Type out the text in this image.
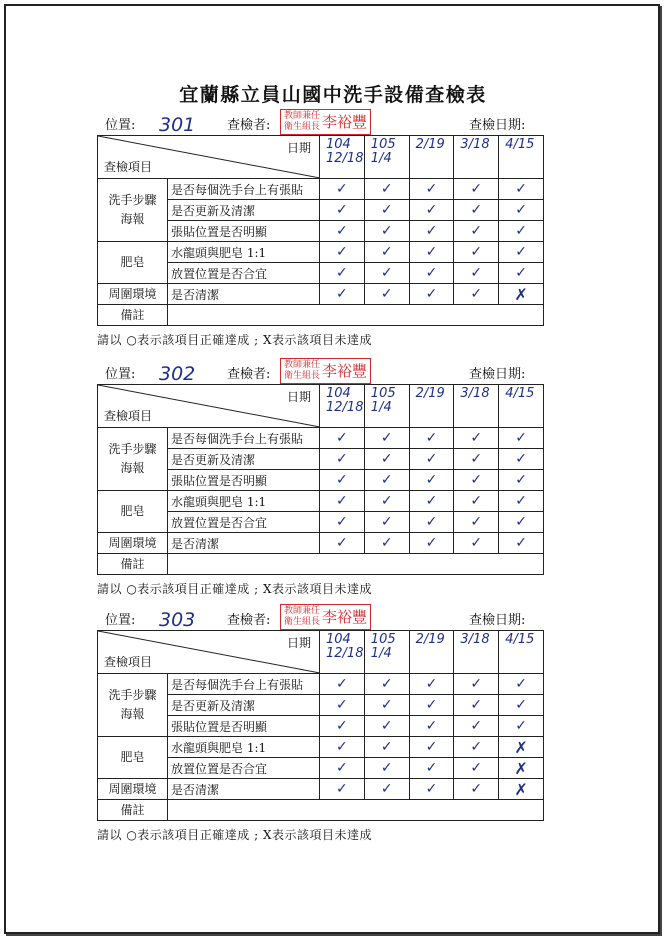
宜蘭縣立員山國中洗手設備查檢表
位置: 301 查檢者:
教師兼任
衛生組長 李裕豐	查檢日期:
日期
查檢項目		104 12/18	105 1/4	2/19	3/18	4/15

洗手步驟
海報	是否每個洗手台上有張貼	✓	✓	✓	✓	✓
	是否更新及清潔	✓	✓	✓	✓	✓
	張貼位置是否明顯	✓	✓	✓	✓	✓
肥皂	水龍頭與肥皂 1:1	✓	✓	✓	✓	✓
	放置位置是否合宜	✓	✓	✓	✓	✓
周圍環境	是否清潔	✓	✓	✓	✓	✗
備註						
請以 ○表示該項目正確達成 ; X表示該項目未達成
位置: 302 查檢者:
教師兼任
衛生組長 李裕豐	查檢日期:
日期
查檢項目		104 12/18	105 1/4	2/19	3/18	4/15

洗手步驟
海報	是否每個洗手台上有張貼	✓	✓	✓	✓	✓
	是否更新及清潔	✓	✓	✓	✓	✓
	張貼位置是否明顯	✓	✓	✓	✓	✓
肥皂	水龍頭與肥皂 1:1	✓	✓	✓	✓	✓
	放置位置是否合宜	✓	✓	✓	✓	✓
周圍環境	是否清潔	✓	✓	✓	✓	✓
備註						
請以 ○表示該項目正確達成 ; X表示該項目未達成
位置: 303 查檢者:
教師兼任
衛生組長 李裕豐	查檢日期:
日期
查檢項目		104 12/18	105 1/4	2/19	3/18	4/15

洗手步驟
海報	是否每個洗手台上有張貼	✓	✓	✓	✓	✓
	是否更新及清潔	✓	✓	✓	✓	✓
	張貼位置是否明顯	✓	✓	✓	✓	✓
肥皂	水龍頭與肥皂 1:1	✓	✓	✓	✓	✗
	放置位置是否合宜	✓	✓	✓	✓	✗
周圍環境	是否清潔	✓	✓	✓	✓	✗
備註						
請以 ○表示該項目正確達成 ; X表示該項目未達成
